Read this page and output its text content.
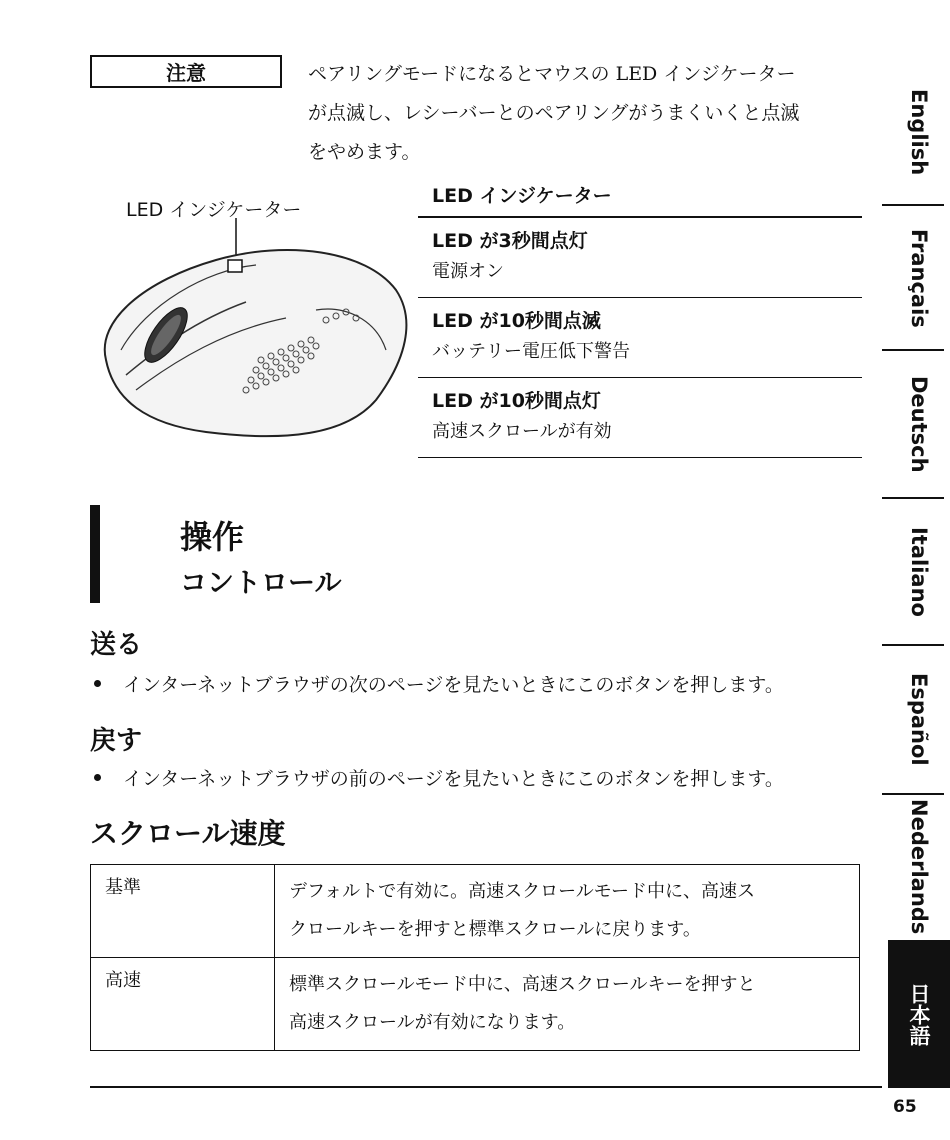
注意	ペアリングモードになるとマウスの LED インジケーター
が点滅し、レシーバーとのペアリングがうまくいくと点滅
をやめます。
LED インジケーター
LED インジケーター
LED が3秒間点灯
電源オン
LED が10秒間点滅
バッテリー電圧低下警告
LED が10秒間点灯
高速スクロールが有効
操作
コントロール
送る
インターネットブラウザの次のページを見たいときにこのボタンを押します。
戻す
インターネットブラウザの前のページを見たいときにこのボタンを押します。
スクロール速度
基準	デフォルトで有効に。高速スクロールモード中に、高速ス
クロールキーを押すと標準スクロールに戻ります。
高速	標準スクロールモード中に、高速スクロールキーを押すと
高速スクロールが有効になります。
65
English
Français
Deutsch
Italiano
Español
Nederlands
日本語
